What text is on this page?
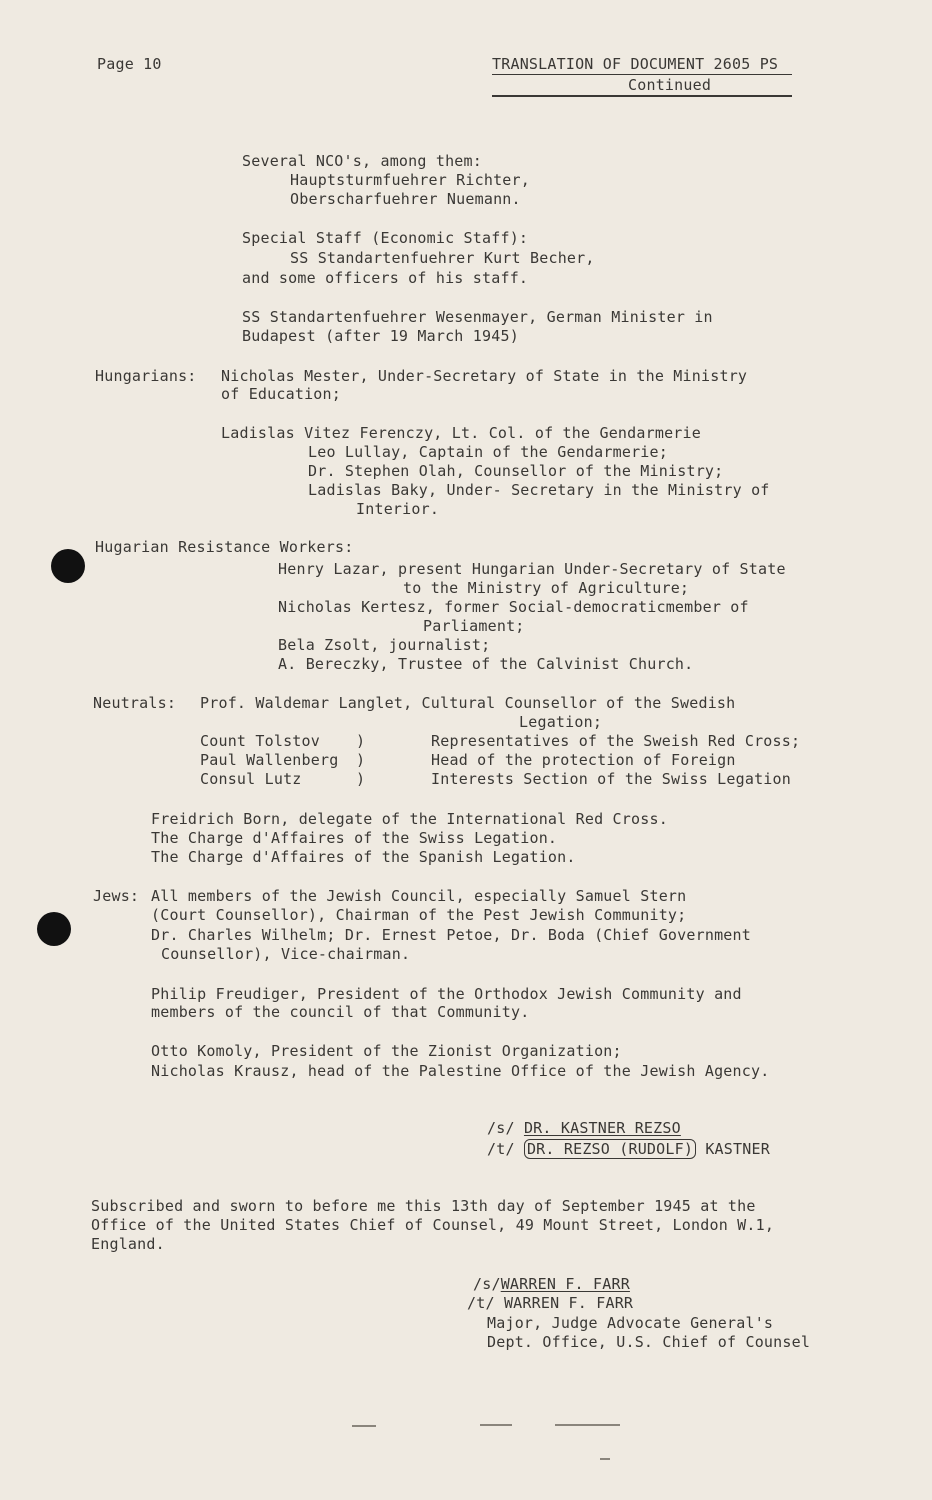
Page 10	TRANSLATION OF DOCUMENT 2605 PS
Continued
Several NCO's, among them:
Hauptsturmfuehrer Richter,
Oberscharfuehrer Nuemann.
Special Staff (Economic Staff):
SS Standartenfuehrer Kurt Becher,
and some officers of his staff.
SS Standartenfuehrer Wesenmayer, German Minister in
Budapest (after 19 March 1945)
Hungarians: Nicholas Mester, Under-Secretary of State in the Ministry
of Education;
Ladislas Vitez Ferenczy, Lt. Col. of the Gendarmerie
Leo Lullay, Captain of the Gendarmerie;
Dr. Stephen Olah, Counsellor of the Ministry;
Ladislas Baky, Under- Secretary in the Ministry of
Interior.
Hugarian Resistance Workers:
Henry Lazar, present Hungarian Under-Secretary of State
to the Ministry of Agriculture;
Nicholas Kertesz, former Social-democraticmember of
Parliament;
Bela Zsolt, journalist;
A. Bereczky, Trustee of the Calvinist Church.
Neutrals: Prof. Waldemar Langlet, Cultural Counsellor of the Swedish
Legation;
Count Tolstov
Paul Wallenberg
Consul Lutz
)
)
)
Representatives of the Sweish Red Cross;
Head of the protection of Foreign
Interests Section of the Swiss Legation
Freidrich Born, delegate of the International Red Cross.
The Charge d'Affaires of the Swiss Legation.
The Charge d'Affaires of the Spanish Legation.
Jews: All members of the Jewish Council, especially Samuel Stern
(Court Counsellor), Chairman of the Pest Jewish Community;
Dr. Charles Wilhelm; Dr. Ernest Petoe, Dr. Boda (Chief Government
Counsellor), Vice-chairman.
Philip Freudiger, President of the Orthodox Jewish Community and
members of the council of that Community.
Otto Komoly, President of the Zionist Organization;
Nicholas Krausz, head of the Palestine Office of the Jewish Agency.
/s/ DR. KASTNER REZSO
/t/ DR. REZSO (RUDOLF) KASTNER
Subscribed and sworn to before me this 13th day of September 1945 at the
Office of the United States Chief of Counsel, 49 Mount Street, London W.1,
England.
/s/WARREN F. FARR
/t/ WARREN F. FARR
Major, Judge Advocate General's
Dept. Office, U.S. Chief of Counsel
